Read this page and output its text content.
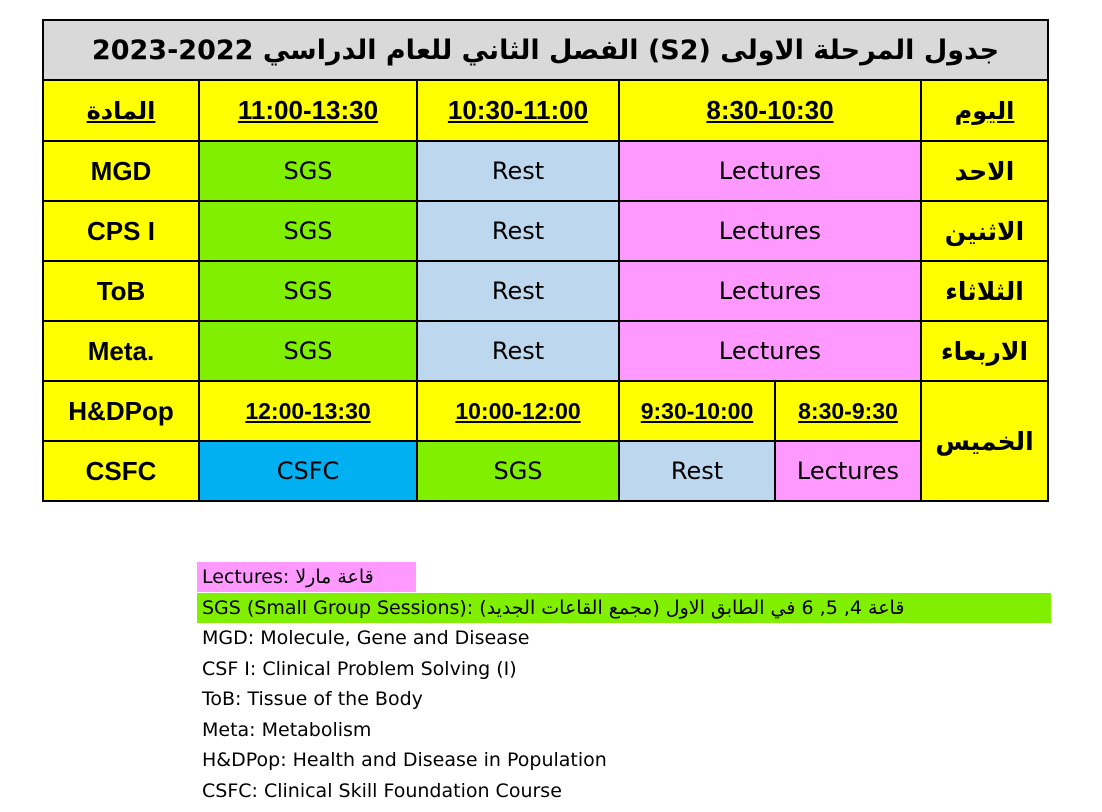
جدول المرحلة الاولى (S2) الفصل الثاني للعام الدراسي 2022-2023					
المادة	11:00-13:30	10:30-11:00	8:30-10:30		اليوم
MGD	SGS	Rest	Lectures		الاحد
CPS I	SGS	Rest	Lectures		الاثنين
ToB	SGS	Rest	Lectures		الثلاثاء
Meta.	SGS	Rest	Lectures		الاربعاء
H&DPop	12:00-13:30	10:00-12:00	9:30-10:00	8:30-9:30	الخميس
CSFC	CSFC	SGS	Rest	Lectures	
Lectures: قاعة مارلا
SGS (Small Group Sessions): قاعة 4, 5, 6 في الطابق الاول (مجمع القاعات الجديد)
MGD: Molecule, Gene and Disease
CSF I: Clinical Problem Solving (I)
ToB: Tissue of the Body
Meta: Metabolism
H&DPop: Health and Disease in Population
CSFC: Clinical Skill Foundation Course
